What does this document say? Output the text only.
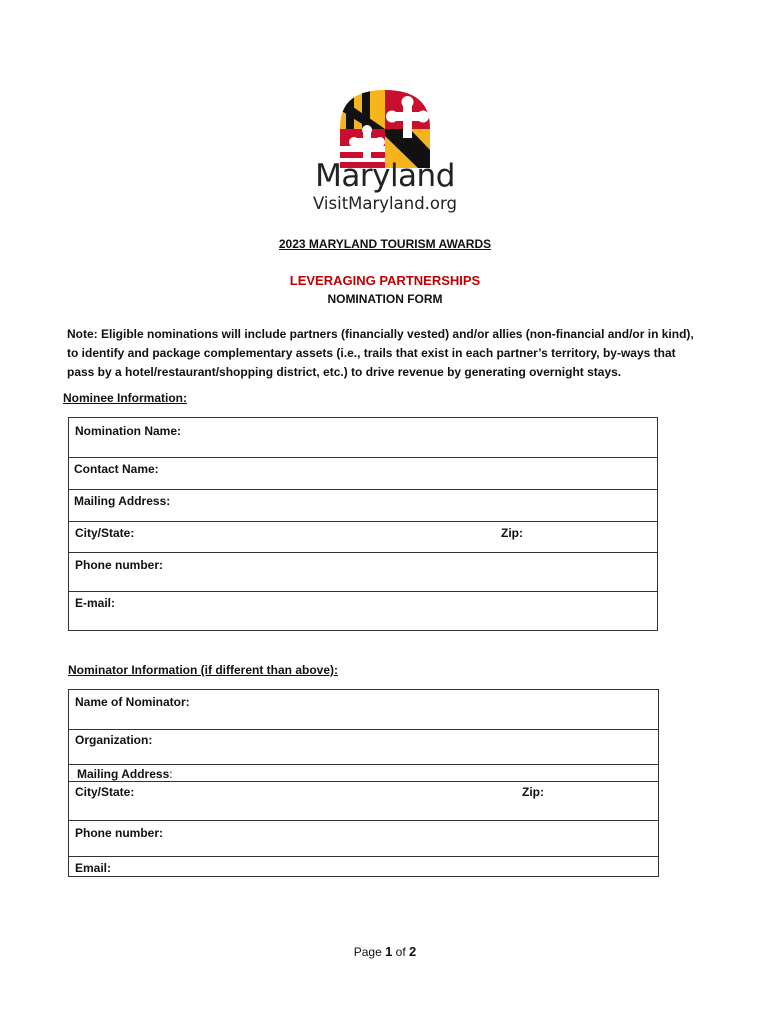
Maryland
VisitMaryland.org
2023 MARYLAND TOURISM AWARDS
LEVERAGING PARTNERSHIPS
NOMINATION FORM
Note: Eligible nominations will include partners (financially vested) and/or allies (non-financial and/or in kind), to identify and package complementary assets (i.e., trails that exist in each partner’s territory, by-ways that pass by a hotel/restaurant/shopping district, etc.) to drive revenue by generating overnight stays.
Nominee Information:
Nomination Name:
Contact Name:
Mailing Address:
City/State:	Zip:
Phone number:
E-mail:
Nominator Information (if different than above):
Name of Nominator:
Organization:
Mailing Address:
City/State:	Zip:
Phone number:
Email:
Page 1 of 2
